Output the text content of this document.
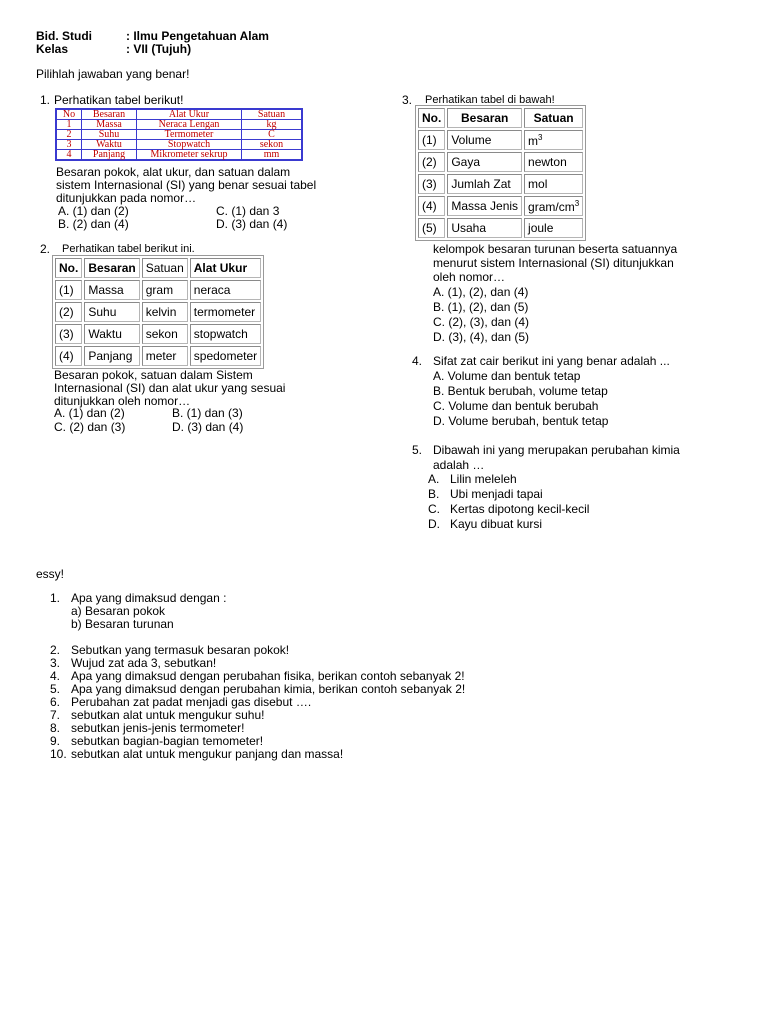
Bid. Studi	: Ilmu Pengetahuan Alam
Kelas	: VII (Tujuh)
Pilihlah jawaban yang benar!
1. Perhatikan tabel berikut!
No	Besaran	Alat Ukur	Satuan
1	Massa	Neraca Lengan	kg
2	Suhu	Termometer	C
3	Waktu	Stopwatch	sekon
4	Panjang	Mikrometer sekrup	mm
Besaran pokok, alat ukur, dan satuan dalam
sistem Internasional (SI) yang benar sesuai tabel
ditunjukkan pada nomor…
A. (1) dan (2)	C. (1) dan 3
B. (2) dan (4)	D. (3) dan (4)
2. Perhatikan tabel berikut ini.
No.	Besaran	Satuan	Alat Ukur
(1)	Massa	gram	neraca
(2)	Suhu	kelvin	termometer
(3)	Waktu	sekon	stopwatch
(4)	Panjang	meter	spedometer
Besaran pokok, satuan dalam Sistem
Internasional (SI) dan alat ukur yang sesuai
ditunjukkan oleh nomor…
A. (1) dan (2)	B. (1) dan (3)
C. (2) dan (3)	D. (3) dan (4)
3. Perhatikan tabel di bawah!
No.	Besaran	Satuan
(1)	Volume	$m^3$
(2)	Gaya	newton
(3)	Jumlah Zat	mol
(4)	Massa Jenis	gram/$cm^3$
(5)	Usaha	joule
kelompok besaran turunan beserta satuannya
menurut sistem Internasional (SI) ditunjukkan
oleh nomor…
A. (1), (2), dan (4)
B. (1), (2), dan (5)
C. (2), (3), dan (4)
D. (3), (4), dan (5)
4. Sifat zat cair berikut ini yang benar adalah ...
A. Volume dan bentuk tetap
B. Bentuk berubah, volume tetap
C. Volume dan bentuk berubah
D. Volume berubah, bentuk tetap
5. Dibawah ini yang merupakan perubahan kimia
adalah …
A. Lilin meleleh
B. Ubi menjadi tapai
C. Kertas dipotong kecil-kecil
D. Kayu dibuat kursi
essy!
1. Apa yang dimaksud dengan :
a) Besaran pokok
b) Besaran turunan
2. Sebutkan yang termasuk besaran pokok!
3. Wujud zat ada 3, sebutkan!
4. Apa yang dimaksud dengan perubahan fisika, berikan contoh sebanyak 2!
5. Apa yang dimaksud dengan perubahan kimia, berikan contoh sebanyak 2!
6. Perubahan zat padat menjadi gas disebut ….
7. sebutkan alat untuk mengukur suhu!
8. sebutkan jenis-jenis termometer!
9. sebutkan bagian-bagian temometer!
10. sebutkan alat untuk mengukur panjang dan massa!
